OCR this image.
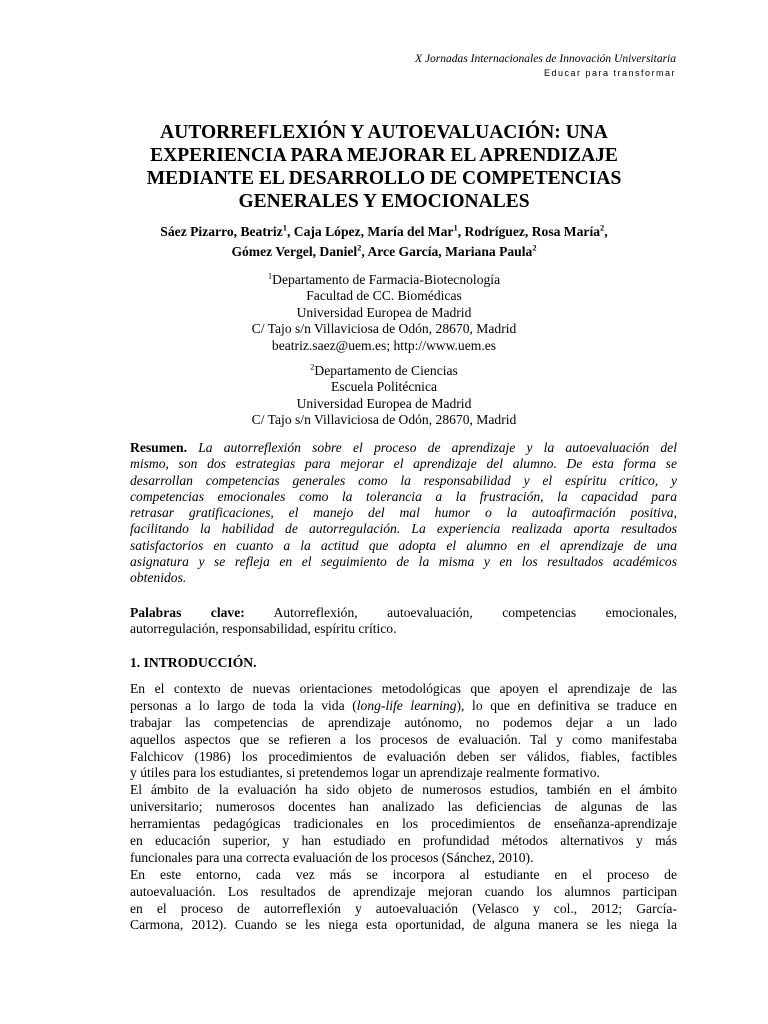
X Jornadas Internacionales de Innovación Universitaria
Educar para transformar
AUTORREFLEXIÓN Y AUTOEVALUACIÓN: UNA
EXPERIENCIA PARA MEJORAR EL APRENDIZAJE
MEDIANTE EL DESARROLLO DE COMPETENCIAS
GENERALES Y EMOCIONALES
Sáez Pizarro, Beatriz$^1$, Caja López, María del Mar$^1$, Rodríguez, Rosa María$^2$,
Gómez Vergel, Daniel$^2$, Arce García, Mariana Paula$^2$
$^1$Departamento de Farmacia-Biotecnología
Facultad de CC. Biomédicas
Universidad Europea de Madrid
C/ Tajo s/n Villaviciosa de Odón, 28670, Madrid
beatriz.saez@uem.es; http://www.uem.es
$^2$Departamento de Ciencias
Escuela Politécnica
Universidad Europea de Madrid
C/ Tajo s/n Villaviciosa de Odón, 28670, Madrid
Resumen. La autorreflexión sobre el proceso de aprendizaje y la autoevaluación del
mismo, son dos estrategias para mejorar el aprendizaje del alumno. De esta forma se
desarrollan competencias generales como la responsabilidad y el espíritu crítico, y
competencias emocionales como la tolerancia a la frustración, la capacidad para
retrasar gratificaciones, el manejo del mal humor o la autoafirmación positiva,
facilitando la habilidad de autorregulación. La experiencia realizada aporta resultados
satisfactorios en cuanto a la actitud que adopta el alumno en el aprendizaje de una
asignatura y se refleja en el seguimiento de la misma y en los resultados académicos
obtenidos.
Palabras clave: Autorreflexión, autoevaluación, competencias emocionales,
autorregulación, responsabilidad, espíritu crítico.
1. INTRODUCCIÓN.
En el contexto de nuevas orientaciones metodológicas que apoyen el aprendizaje de las
personas a lo largo de toda la vida (long-life learning), lo que en definitiva se traduce en
trabajar las competencias de aprendizaje autónomo, no podemos dejar a un lado
aquellos aspectos que se refieren a los procesos de evaluación. Tal y como manifestaba
Falchicov (1986) los procedimientos de evaluación deben ser válidos, fiables, factibles
y útiles para los estudiantes, si pretendemos logar un aprendizaje realmente formativo.
El ámbito de la evaluación ha sido objeto de numerosos estudios, también en el ámbito
universitario; numerosos docentes han analizado las deficiencias de algunas de las
herramientas pedagógicas tradicionales en los procedimientos de enseñanza-aprendizaje
en educación superior, y han estudiado en profundidad métodos alternativos y más
funcionales para una correcta evaluación de los procesos (Sánchez, 2010).
En este entorno, cada vez más se incorpora al estudiante en el proceso de
autoevaluación. Los resultados de aprendizaje mejoran cuando los alumnos participan
en el proceso de autorreflexión y autoevaluación (Velasco y col., 2012; García-
Carmona, 2012). Cuando se les niega esta oportunidad, de alguna manera se les niega la
